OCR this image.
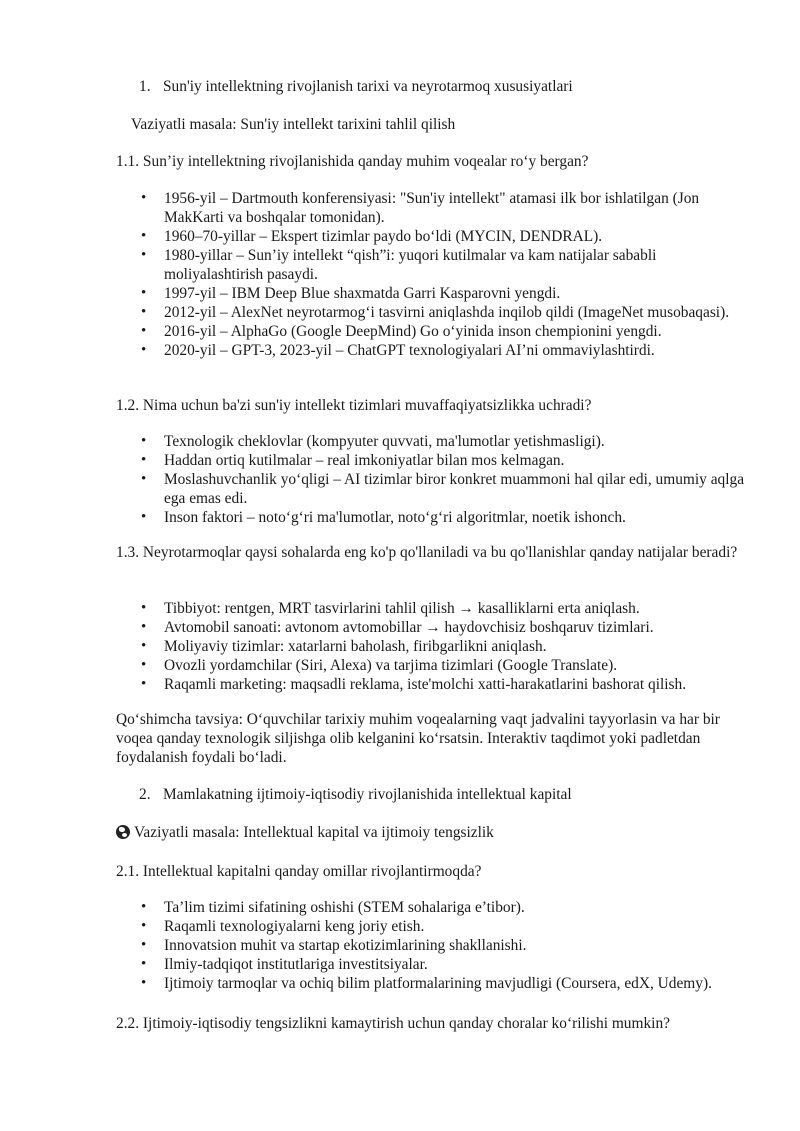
1. Sun'iy intellektning rivojlanish tarixi va neyrotarmoq xususiyatlari

Vaziyatli masala: Sun'iy intellekt tarixini tahlil qilish

1.1. Sun’iy intellektning rivojlanishida qanday muhim voqealar ro‘y bergan?

• 1956-yil – Dartmouth konferensiyasi: "Sun'iy intellekt" atamasi ilk bor ishlatilgan (Jon MakKarti va boshqalar tomonidan).
• 1960–70-yillar – Ekspert tizimlar paydo bo‘ldi (MYCIN, DENDRAL).
• 1980-yillar – Sun’iy intellekt “qish”i: yuqori kutilmalar va kam natijalar sababli moliyalashtirish pasaydi.
• 1997-yil – IBM Deep Blue shaxmatda Garri Kasparovni yengdi.
• 2012-yil – AlexNet neyrotarmog‘i tasvirni aniqlashda inqilob qildi (ImageNet musobaqasi).
• 2016-yil – AlphaGo (Google DeepMind) Go o‘yinida inson chempionini yengdi.
• 2020-yil – GPT-3, 2023-yil – ChatGPT texnologiyalari AI’ni ommaviylashtirdi.

1.2. Nima uchun ba'zi sun'iy intellekt tizimlari muvaffaqiyatsizlikka uchradi?

• Texnologik cheklovlar (kompyuter quvvati, ma'lumotlar yetishmasligi).
• Haddan ortiq kutilmalar – real imkoniyatlar bilan mos kelmagan.
• Moslashuvchanlik yo‘qligi – AI tizimlar biror konkret muammoni hal qilar edi, umumiy aqlga ega emas edi.
• Inson faktori – noto‘g‘ri ma'lumotlar, noto‘g‘ri algoritmlar, noetik ishonch.

1.3. Neyrotarmoqlar qaysi sohalarda eng ko'p qo'llaniladi va bu qo'llanishlar qanday natijalar beradi?

• Tibbiyot: rentgen, MRT tasvirlarini tahlil qilish → kasalliklarni erta aniqlash.
• Avtomobil sanoati: avtonom avtomobillar → haydovchisiz boshqaruv tizimlari.
• Moliyaviy tizimlar: xatarlarni baholash, firibgarlikni aniqlash.
• Ovozli yordamchilar (Siri, Alexa) va tarjima tizimlari (Google Translate).
• Raqamli marketing: maqsadli reklama, iste'molchi xatti-harakatlarini bashorat qilish.

Qo‘shimcha tavsiya: O‘quvchilar tarixiy muhim voqealarning vaqt jadvalini tayyorlasin va har bir voqea qanday texnologik siljishga olib kelganini ko‘rsatsin. Interaktiv taqdimot yoki padletdan foydalanish foydali bo‘ladi.

2. Mamlakatning ijtimoiy-iqtisodiy rivojlanishida intellektual kapital

Vaziyatli masala: Intellektual kapital va ijtimoiy tengsizlik

2.1. Intellektual kapitalni qanday omillar rivojlantirmoqda?

• Ta’lim tizimi sifatining oshishi (STEM sohalariga e’tibor).
• Raqamli texnologiyalarni keng joriy etish.
• Innovatsion muhit va startap ekotizimlarining shakllanishi.
• Ilmiy-tadqiqot institutlariga investitsiyalar.
• Ijtimoiy tarmoqlar va ochiq bilim platformalarining mavjudligi (Coursera, edX, Udemy).

2.2. Ijtimoiy-iqtisodiy tengsizlikni kamaytirish uchun qanday choralar ko‘rilishi mumkin?
